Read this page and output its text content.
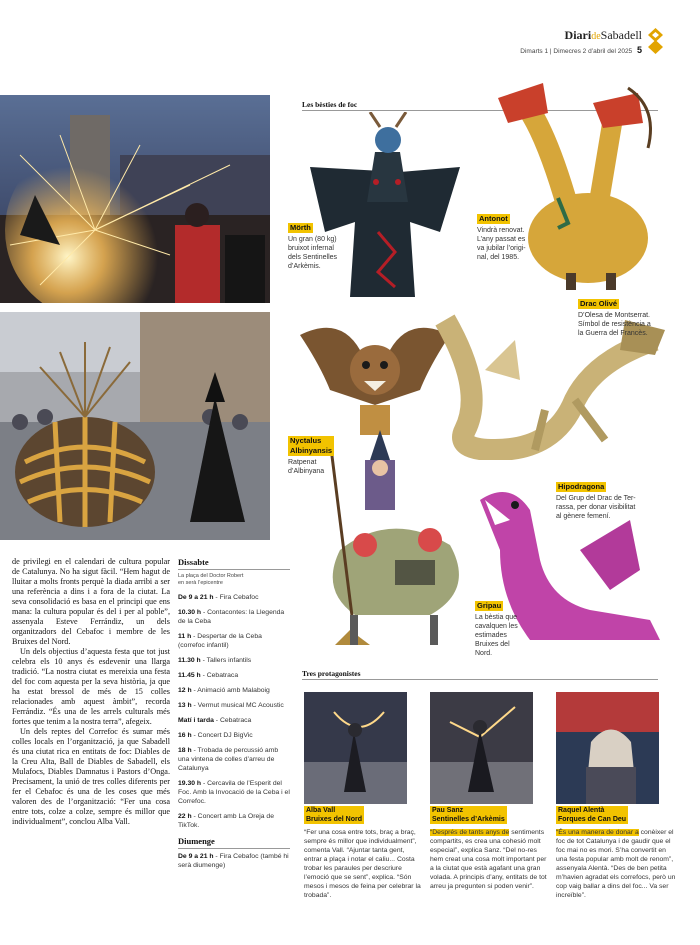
DiarideSabadell
Dimarts 1 | Dimecres 2 d’abril del 2025 5

de privilegi en el calendari de cultura popular de Catalunya. No ha sigut fàcil. “Hem hagut de lluitar a molts fronts perquè la diada arribi a ser una referència a dins i a fora de la ciutat. La seva consolidació es basa en el principi que ens mana: la cultura popular és del i per al poble”, assenyala Esteve Ferrándiz, un dels organitzadors del Cebafoc i membre de les Bruixes del Nord.

Un dels objectius d’aquesta festa que tot just celebra els 10 anys és esdevenir una llarga tradició. “La nostra ciutat es mereixia una festa del foc com aquesta per la seva història, ja que ha estat bressol de més de 15 colles relacionades amb aquest àmbit”, recorda Ferrándiz. “És una de les arrels culturals més fortes que tenim a la nostra terra”, afegeix.

Un dels reptes del Correfoc és sumar més colles locals en l’organització, ja que Sabadell és una ciutat rica en entitats de foc: Diables de la Creu Alta, Ball de Diables de Sabadell, els Mulafocs, Diables Damnatus i Pastors d’Onga. Precisament, la unió de tres colles diferents per fer el Cebafoc és una de les coses que més valoren des de l’organització: “Fer una cosa entre tots, colze a colze, sempre és millor que individualment”, conclou Alba Vall.

Dissabte
La plaça del Doctor Robert
en serà l’epicentre
De 9 a 21 h - Fira Cebafoc
10.30 h - Contacontes: la Llegenda de la Ceba
11 h - Despertar de la Ceba (correfoc infantil)
11.30 h - Tallers infantils
11.45 h - Cebatraca
12 h - Animació amb Malaboig
13 h - Vermut musical MC Acoustic
Matí i tarda - Cebatraca
16 h - Concert DJ BigVic
18 h - Trobada de percussió amb una vintena de colles d’arreu de Catalunya
19.30 h - Cercavila de l’Esperit del Foc. Amb la Invocació de la Ceba i el Correfoc.
22 h - Concert amb La Oreja de TikTok.
Diumenge
De 9 a 21 h - Fira Cebafoc (també hi serà diumenge)
Les bèsties de foc
Mörth
Un gran (80 kg)
bruixot infernal
dels Sentinelles
d’Arkèmis.
Antonot
Vindrà renovat.
L’any passat es
va jubilar l’origi-
nal, del 1985.
Drac Olivé
D’Olesa de Montserrat.
Símbol de resistència a
la Guerra del Francès.
Nyctalus
Albinyansis
Ratpenat
d’Albinyana
Hipodragona
Del Grup del Drac de Ter-
rassa, per donar visibilitat
al gènere femení.
Gripau
La bèstia que
cavalquen les
estimades
Bruixes del
Nord.
Tres protagonistes
Alba Vall
Bruixes del Nord
“Fer una cosa entre tots, braç a braç, sempre és millor que individualment”, comenta Vall. “Ajuntar tanta gent, entrar a plaça i notar el caliu... Costa trobar les paraules per descriure l’emoció que se sent”, explica. “Són mesos i mesos de feina per celebrar la trobada”.
Pau Sanz
Sentinelles d’Arkèmis
“Després de tants anys de sentiments compartits, es crea una cohesió molt especial”, explica Sanz. “Del no-res hem creat una cosa molt important per a la ciutat que està agafant una gran volada. A principis d’any, entitats de tot arreu ja pregunten si poden venir”.
Raquel Alentà
Forques de Can Deu
“És una manera de donar a conèixer el foc de tot Catalunya i de gaudir que el foc mai no es mori. S’ha convertit en una festa popular amb molt de renom”, assenyala Alentà. “Des de ben petita m’havien agradat els correfocs, però un cop vaig ballar a dins del foc... Va ser increïble”.
